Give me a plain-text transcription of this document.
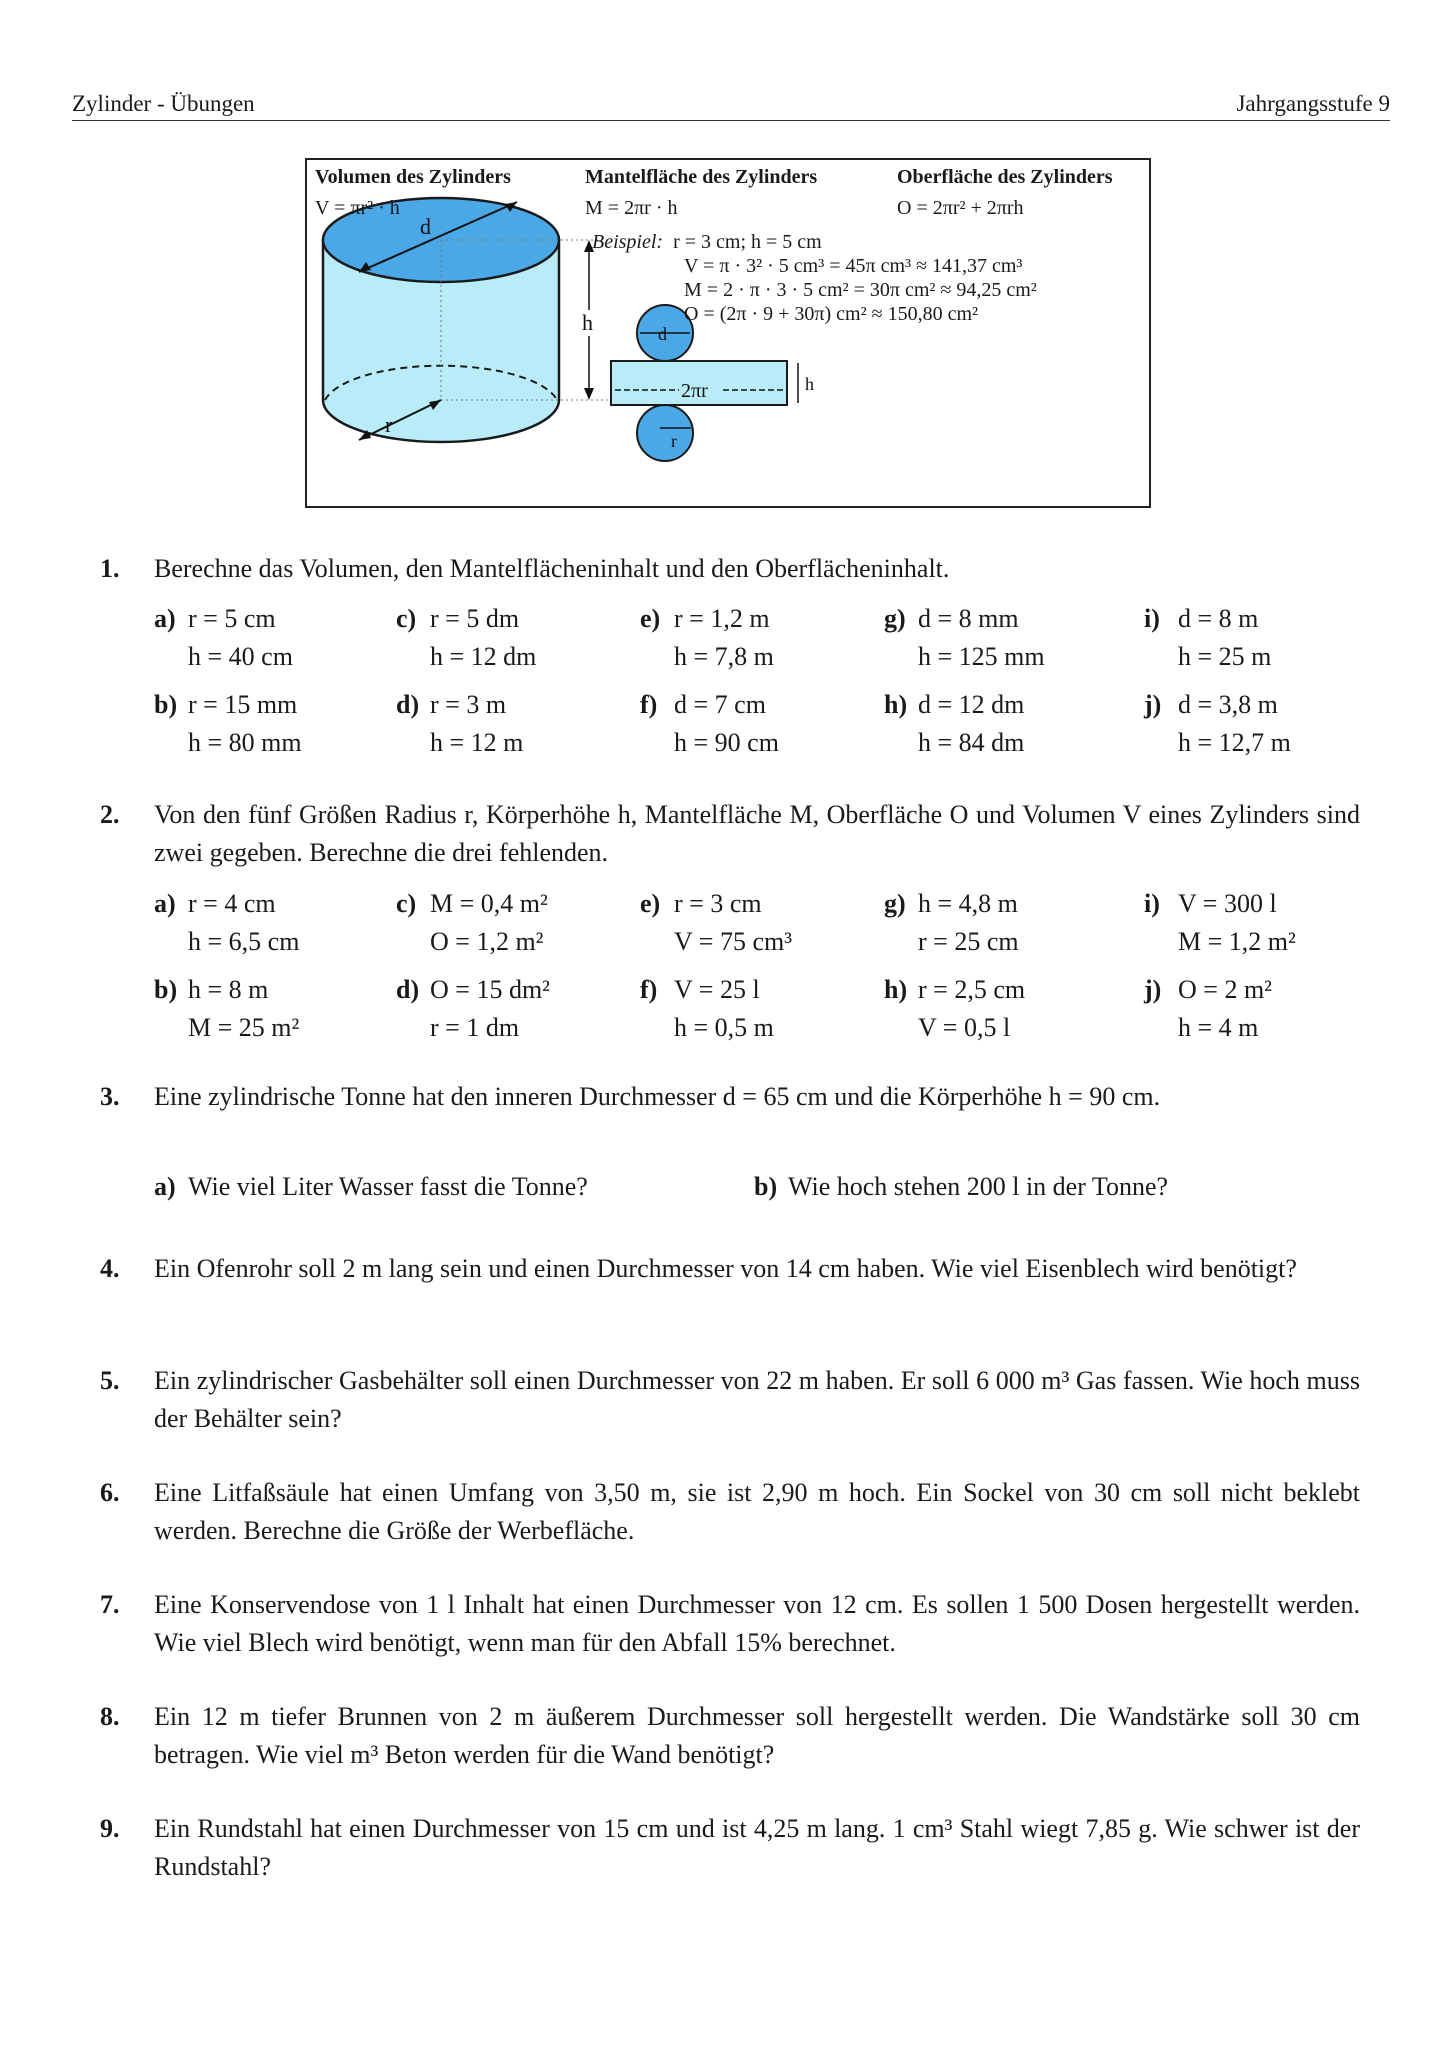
Zylinder - Übungen	Jahrgangsstufe 9
d
r
h	d
2πr	h
r
Volumen des Zylinders
V = πr² · h
Mantelfläche des Zylinders
M = 2πr · h
Oberfläche des Zylinders
O = 2πr² + 2πrh
Beispiel: r = 3 cm; h = 5 cm
V = π · 3² · 5 cm³ = 45π cm³ ≈ 141,37 cm³
M = 2 · π · 3 · 5 cm² = 30π cm² ≈ 94,25 cm²
O = (2π · 9 + 30π) cm² ≈ 150,80 cm²
1. Berechne das Volumen, den Mantelflächeninhalt und den Oberflächeninhalt.
a) r = 5 cm
h = 40 cm
c) r = 5 dm
h = 12 dm
e) r = 1,2 m
h = 7,8 m
g) d = 8 mm
h = 125 mm
i) d = 8 m
h = 25 m
b) r = 15 mm
h = 80 mm
d) r = 3 m
h = 12 m
f) d = 7 cm
h = 90 cm
h) d = 12 dm
h = 84 dm
j) d = 3,8 m
h = 12,7 m
2. Von den fünf Größen Radius r, Körperhöhe h, Mantelfläche M, Oberfläche O und Volumen V eines Zylinders sind zwei gegeben. Berechne die drei fehlenden.
a) r = 4 cm
h = 6,5 cm
c) M = 0,4 m²
O = 1,2 m²
e) r = 3 cm
V = 75 cm³
g) h = 4,8 m
r = 25 cm
i) V = 300 l
M = 1,2 m²
b) h = 8 m
M = 25 m²
d) O = 15 dm²
r = 1 dm
f) V = 25 l
h = 0,5 m
h) r = 2,5 cm
V = 0,5 l
j) O = 2 m²
h = 4 m
3. Eine zylindrische Tonne hat den inneren Durchmesser d = 65 cm und die Körperhöhe h = 90 cm.
a) Wie viel Liter Wasser fasst die Tonne?	b) Wie hoch stehen 200 l in der Tonne?
4. Ein Ofenrohr soll 2 m lang sein und einen Durchmesser von 14 cm haben. Wie viel Eisenblech wird benötigt?
5. Ein zylindrischer Gasbehälter soll einen Durchmesser von 22 m haben. Er soll 6 000 m³ Gas fassen. Wie hoch muss der Behälter sein?
6. Eine Litfaßsäule hat einen Umfang von 3,50 m, sie ist 2,90 m hoch. Ein Sockel von 30 cm soll nicht beklebt werden. Berechne die Größe der Werbefläche.
7. Eine Konservendose von 1 l Inhalt hat einen Durchmesser von 12 cm. Es sollen 1 500 Dosen hergestellt werden. Wie viel Blech wird benötigt, wenn man für den Abfall 15% berechnet.
8. Ein 12 m tiefer Brunnen von 2 m äußerem Durchmesser soll hergestellt werden. Die Wandstärke soll 30 cm betragen. Wie viel m³ Beton werden für die Wand benötigt?
9. Ein Rundstahl hat einen Durchmesser von 15 cm und ist 4,25 m lang. 1 cm³ Stahl wiegt 7,85 g. Wie schwer ist der Rundstahl?
